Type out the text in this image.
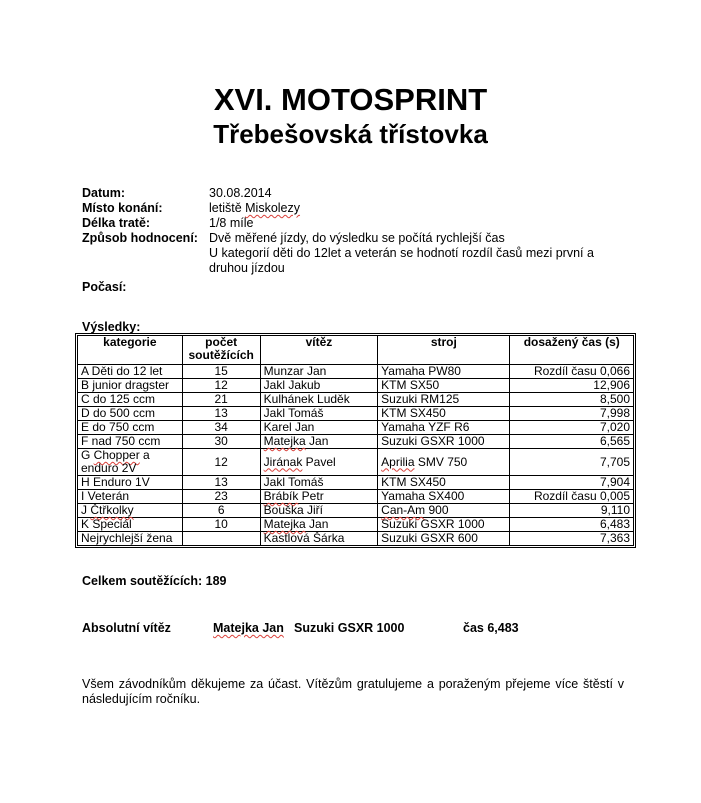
XVI. MOTOSPRINT
Třebešovská třístovka
Datum:	30.08.2014
Místo konání:	letiště Miskolezy
Délka tratě:	1/8 míle
Způsob hodnocení: Dvě měřené jízdy, do výsledku se počítá rychlejší čas
U kategorií děti do 12let a veterán se hodnotí rozdíl časů mezi první a
druhou jízdou
Počasí:
Výsledky:
kategorie	počet soutěžících	vítěz	stroj	dosažený čas (s)
A Děti do 12 let	15	Munzar Jan	Yamaha PW80	Rozdíl času 0,066
B junior dragster	12	Jakl Jakub	KTM SX50	12,906
C do 125 ccm	21	Kulhánek Luděk	Suzuki RM125	8,500
D do 500 ccm	13	Jakl Tomáš	KTM SX450	7,998
E do 750 ccm	34	Karel Jan	Yamaha YZF R6	7,020
F nad 750 ccm	30	Matejka Jan	Suzuki GSXR 1000	6,565
G Chopper a enduro 2V	12	Jirának Pavel	Aprilia SMV 750	7,705
H Enduro 1V	13	Jakl Tomáš	KTM SX450	7,904
I Veterán	23	Brábík Petr	Yamaha SX400	Rozdíl času 0,005
J Čtřkolky	6	Bouška Jiří	Can-Am 900	9,110
K Speciál	10	Matejka Jan	Suzuki GSXR 1000	6,483
Nejrychlejší žena		Kastlová Šárka	Suzuki GSXR 600	7,363
Celkem soutěžících: 189
Absolutní vítěz	Matejka Jan Suzuki GSXR 1000	čas 6,483
Všem závodníkům děkujeme za účast. Vítězům gratulujeme a poraženým přejeme více štěstí v následujícím ročníku.
